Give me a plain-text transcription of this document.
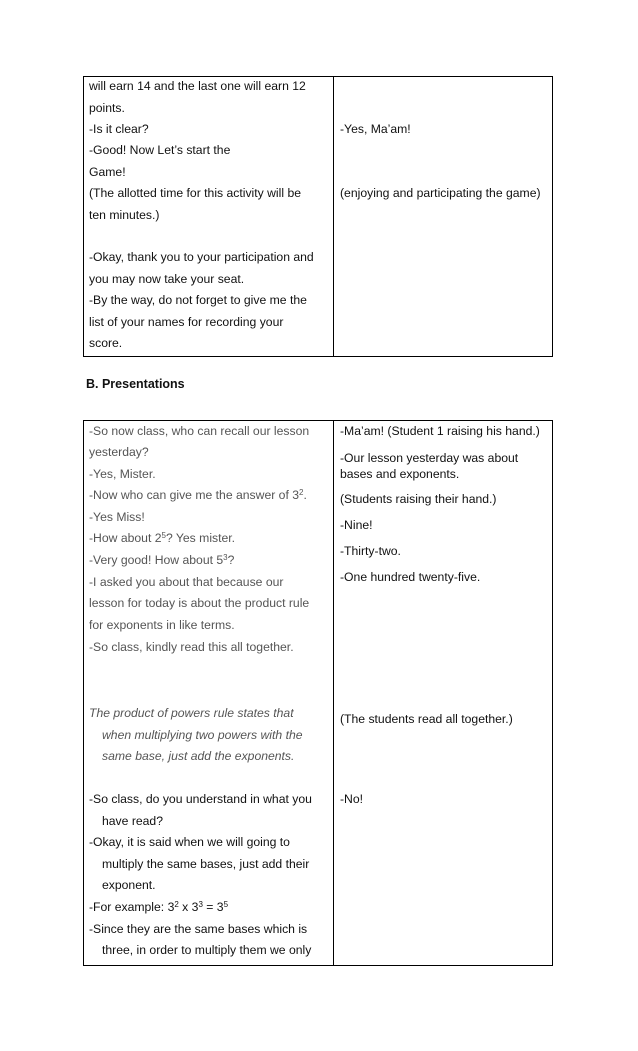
will earn 14 and the last one will earn 12
points.
-Is it clear?
-Good! Now Let’s start the
Game!
(The allotted time for this activity will be
ten minutes.)
-Okay, thank you to your participation and
you may now take your seat.
-By the way, do not forget to give me the
list of your names for recording your
score.
-Yes, Ma’am!
(enjoying and participating the game)
B. Presentations
-So now class, who can recall our lesson
yesterday?
-Yes, Mister.
-Now who can give me the answer of $3^2$.
-Yes Miss!
-How about $2^5$? Yes mister.
-Very good! How about $5^3$?
-I asked you about that because our
lesson for today is about the product rule
for exponents in like terms.
-So class, kindly read this all together.
The product of powers rule states that
when multiplying two powers with the
same base, just add the exponents.
-So class, do you understand in what you
have read?
-Okay, it is said when we will going to
multiply the same bases, just add their
exponent.
-For example: $3^2$ x $3^3 = 3^5$
-Since they are the same bases which is
three, in order to multiply them we only
-Ma’am! (Student 1 raising his hand.)
-Our lesson yesterday was about
bases and exponents.
(Students raising their hand.)
-Nine!
-Thirty-two.
-One hundred twenty-five.
(The students read all together.)
-No!
